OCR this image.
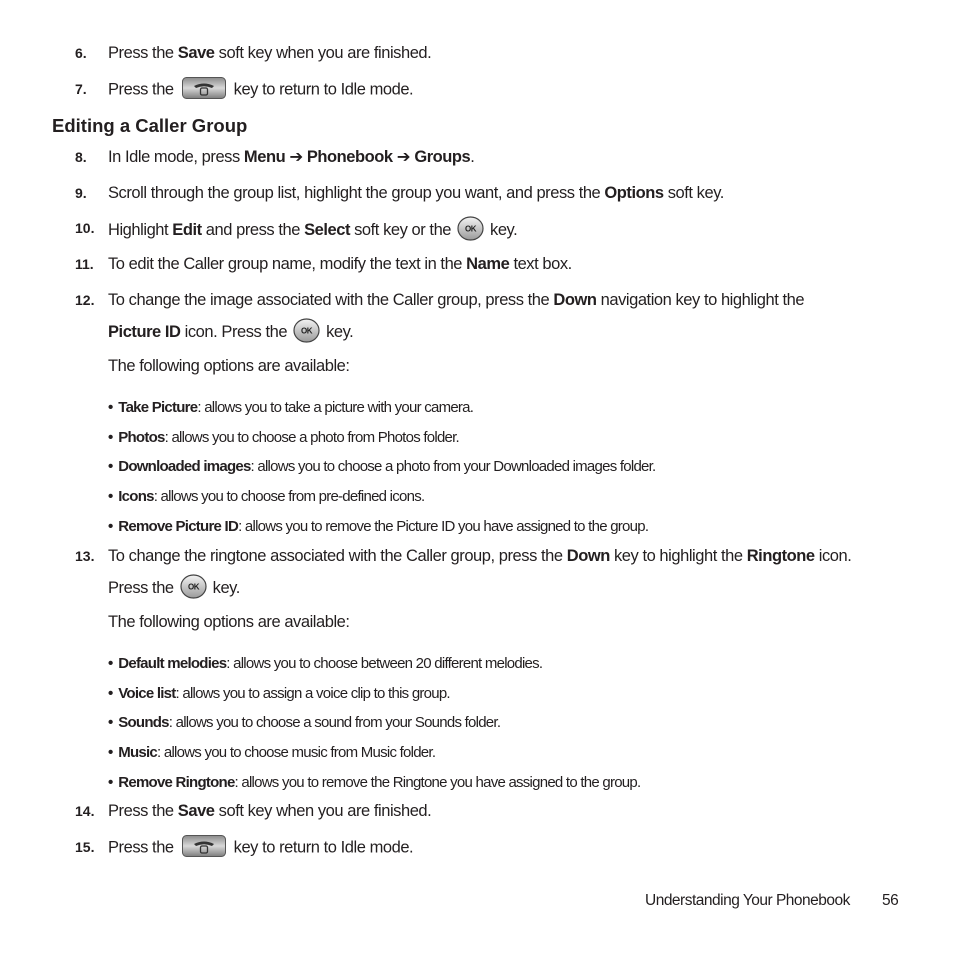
6. Press the Save soft key when you are finished.
7. Press the	key to return to Idle mode.
Editing a Caller Group
8. In Idle mode, press Menu ➔ Phonebook ➔ Groups.
9. Scroll through the group list, highlight the group you want, and press the Options soft key.
10. Highlight Edit and press the Select soft key or the OK key.
11. To edit the Caller group name, modify the text in the Name text box.
12. To change the image associated with the Caller group, press the Down navigation key to highlight the
Picture ID icon. Press the OK key.
The following options are available:
• Take Picture: allows you to take a picture with your camera.
• Photos: allows you to choose a photo from Photos folder.
• Downloaded images: allows you to choose a photo from your Downloaded images folder.
• Icons: allows you to choose from pre-defined icons.
• Remove Picture ID: allows you to remove the Picture ID you have assigned to the group.
13. To change the ringtone associated with the Caller group, press the Down key to highlight the Ringtone icon.
Press the OK key.
The following options are available:
• Default melodies: allows you to choose between 20 different melodies.
• Voice list: allows you to assign a voice clip to this group.
• Sounds: allows you to choose a sound from your Sounds folder.
• Music: allows you to choose music from Music folder.
• Remove Ringtone: allows you to remove the Ringtone you have assigned to the group.
14. Press the Save soft key when you are finished.
15. Press the	key to return to Idle mode.
Understanding Your Phonebook 56
